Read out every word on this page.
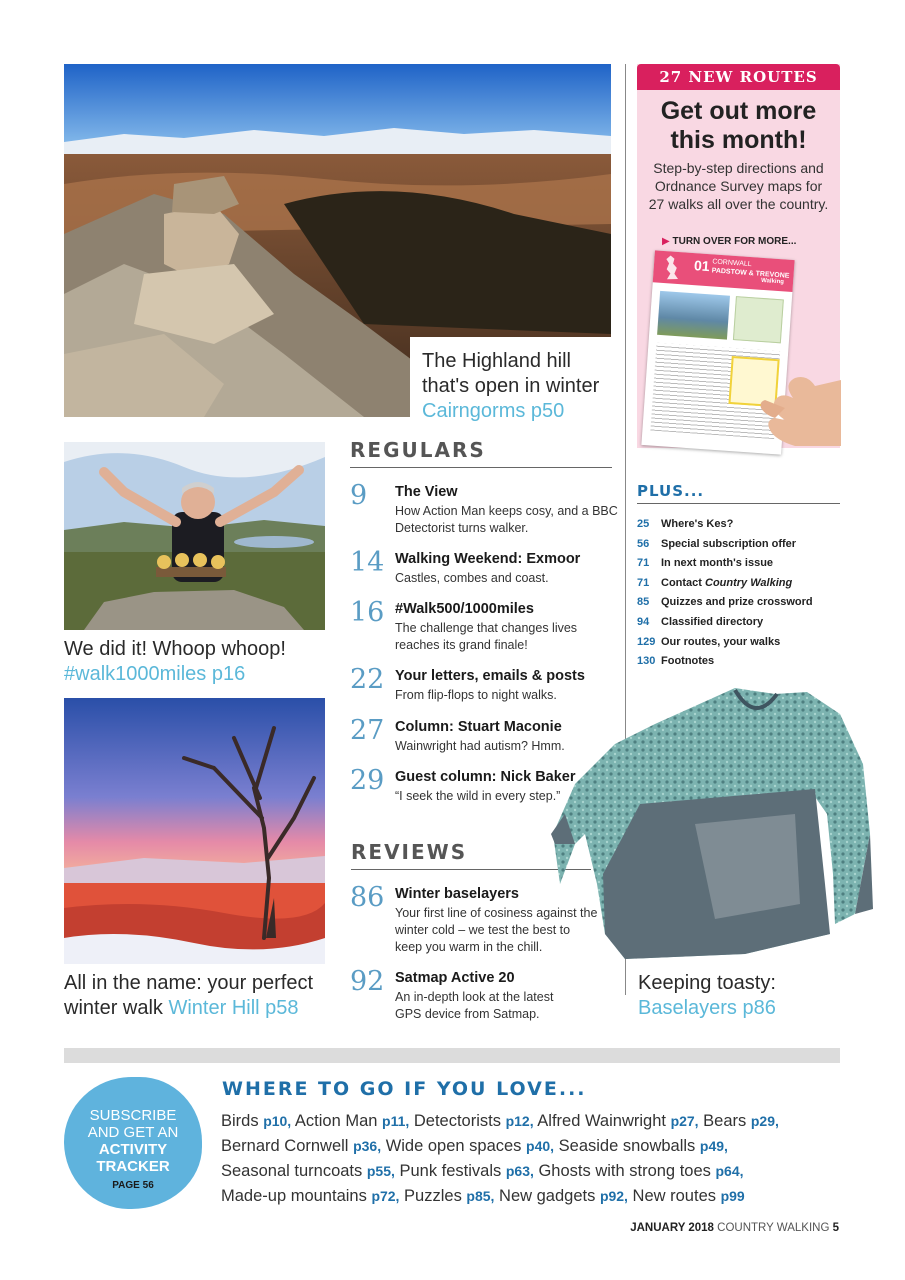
The Highland hill
that's open in winter
Cairngorms p50
We did it! Whoop whoop!
#walk1000miles p16
All in the name: your perfect
winter walk Winter Hill p58
REGULARS
9	The View
How Action Man keeps cosy, and a BBC Detectorist turns walker.
14 Walking Weekend: Exmoor
Castles, combes and coast.
16 #Walk500/1000miles
The challenge that changes lives reaches its grand finale!
22 Your letters, emails & posts
From flip-flops to night walks.
27 Column: Stuart Maconie
Wainwright had autism? Hmm.
29 Guest column: Nick Baker
“I seek the wild in every step.”
REVIEWS
86 Winter baselayers
Your first line of cosiness against the winter cold – we test the best to keep you warm in the chill.
92 Satmap Active 20
An in-depth look at the latest GPS device from Satmap.
27 NEW ROUTES
Get out more
this month!
Step-by-step directions and Ordnance Survey maps for 27 walks all over the country.
▶ TURN OVER FOR MORE...
01 CORNWALL
PADSTOW & TREVONE
Walking
PLUS...
25 Where's Kes?
56 Special subscription offer
71 In next month's issue
71 Contact Country Walking
85 Quizzes and prize crossword
94 Classified directory
129 Our routes, your walks
130 Footnotes
Keeping toasty:
Baselayers p86
SUBSCRIBE
AND GET AN
ACTIVITY
TRACKER
PAGE 56
WHERE TO GO IF YOU LOVE...
Birds p10, Action Man p11, Detectorists p12, Alfred Wainwright p27, Bears p29,
Bernard Cornwell p36, Wide open spaces p40, Seaside snowballs p49,
Seasonal turncoats p55, Punk festivals p63, Ghosts with strong toes p64,
Made-up mountains p72, Puzzles p85, New gadgets p92, New routes p99
JANUARY 2018 COUNTRY WALKING 5
